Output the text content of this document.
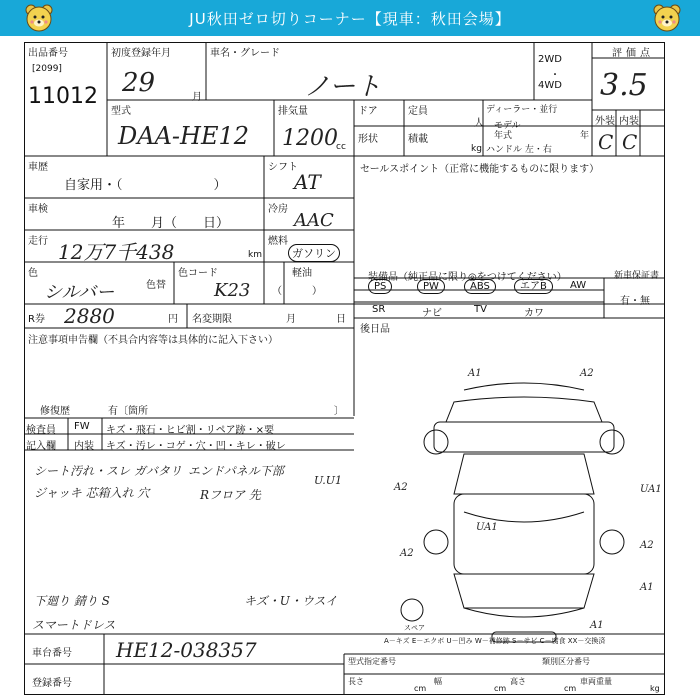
JU秋田ゼロ切りコーナー【現車：秋田会場】
出品番号
[2099]
11012
初度登録年月
29	月
車名・グレード
ノート
2WD
・
4WD
評価点
3.5
型式
DAA-HE12
排気量
1200
cc
ドア	定員
人
形状	積載
kg
ディーラー・並行
モデル
年式	年
ハンドル 左・右
外装 内装
C C
車歴
自家用・（　　　　　　　）
シフト
AT
車検
年　　月（　　日）
冷房
AAC
走行 12万7千438	km
燃料
ガソリン
軽油
（　　　）
色
シルバー	色替
色コード
K23
R券 2880	円 名変期限	月	日
セールスポイント（正常に機能するものに限ります）
装備品（純正品に限り◎をつけてください）	新車保証書
有・無
後日品
PS	PW	ABS	エアB	AW
SR	ナビ	TV	カワ
注意事項申告欄（不具合内容等は具体的に記入下さい）
修復歴	有〔箇所	〕
検査員
記入欄
FW
内装
キズ・飛石・ヒビ割・リペア跡・×要
キズ・汚レ・コゲ・穴・凹・キレ・破レ
シート汚れ・スレ ガバタリ
ジャッキ 芯箱入れ 穴
エンドパネル下部
Rフロア 先
U.U1
下廻り 錆り S
スマートドレス
キズ・U・ウスイ
A1	A2
A2	UA1
UA1
A2
A2
A1
A1
スペア
A－キズ E－エクボ U－凹み W－補修跡 S－サビ C－腐食 XX－交換済
車台番号 HE12-038357
登録番号
型式指定番号	類別区分番号
長さ
cm
幅
cm
高さ
cm
車両重量
kg
